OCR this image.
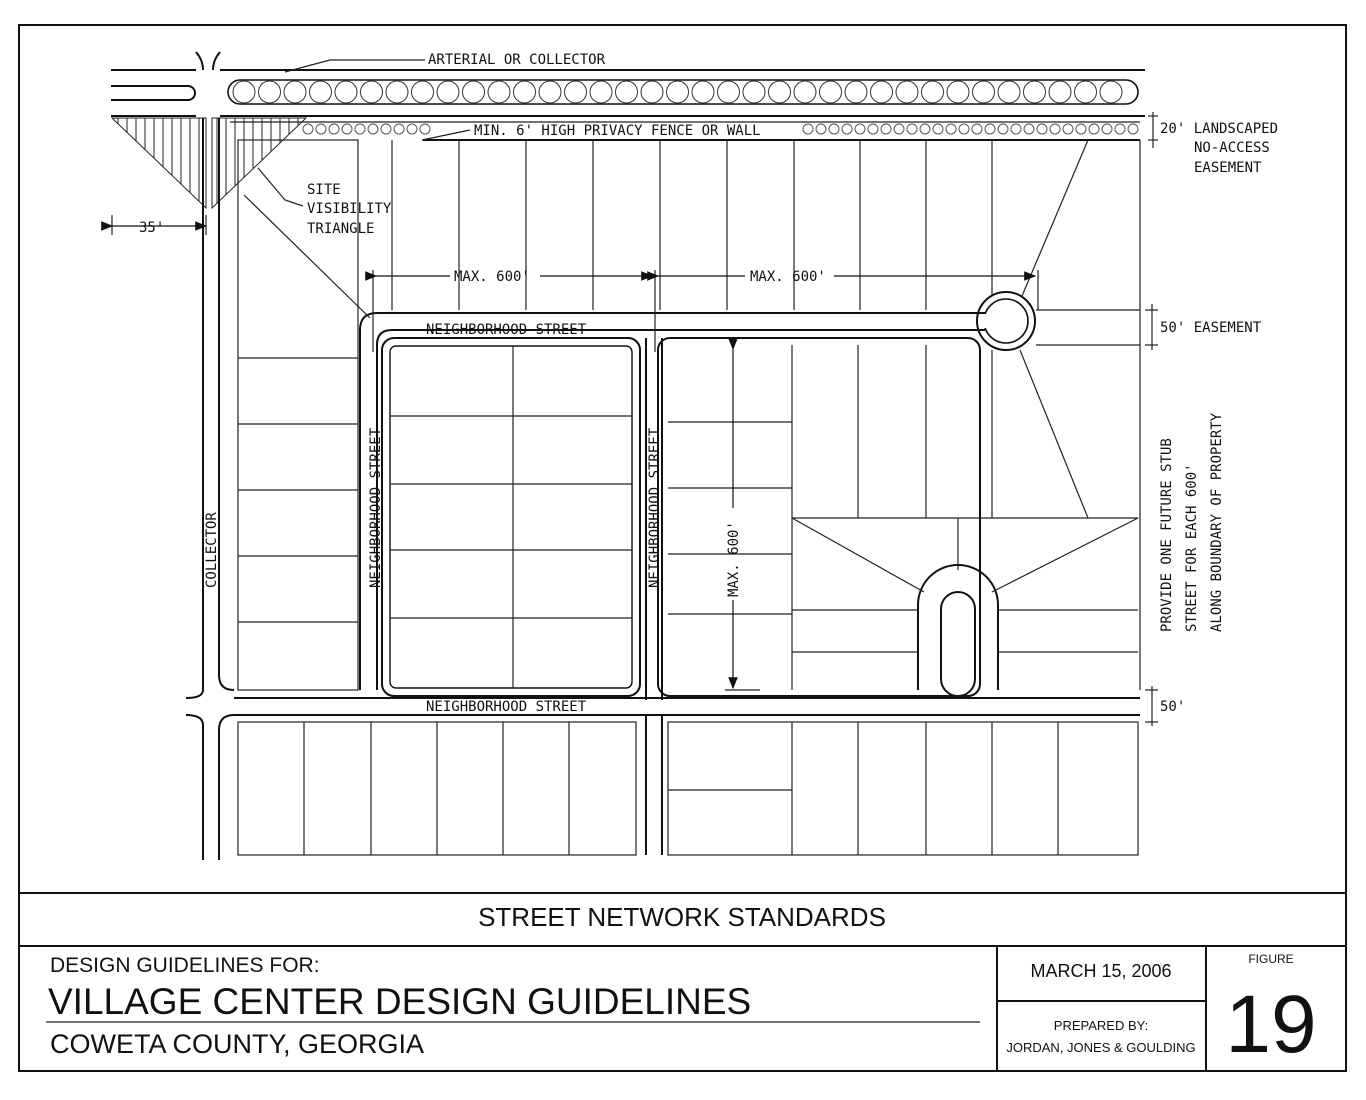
ARTERIAL OR COLLECTOR
MIN. 6' HIGH PRIVACY FENCE OR WALL	20' LANDSCAPED
NO-ACCESS
EASEMENT
SITE
VISIBILITY
TRIANGLE
35'
MAX. 600'	MAX. 600'
50' EASEMENT
50'
NEIGHBORHOOD STREET
NEIGHBORHOOD STREET
NEIGHBORHOOD STREET	NEIGHBORHOOD STREET
COLLECTOR	MAX. 600'	PROVIDE ONE FUTURE STUB STREET FOR EACH 600' ALONG BOUNDARY OF PROPERTY
STREET NETWORK STANDARDS
DESIGN GUIDELINES FOR:
VILLAGE CENTER DESIGN GUIDELINES
COWETA COUNTY, GEORGIA
MARCH 15, 2006
PREPARED BY:
JORDAN, JONES & GOULDING
FIGURE
19
